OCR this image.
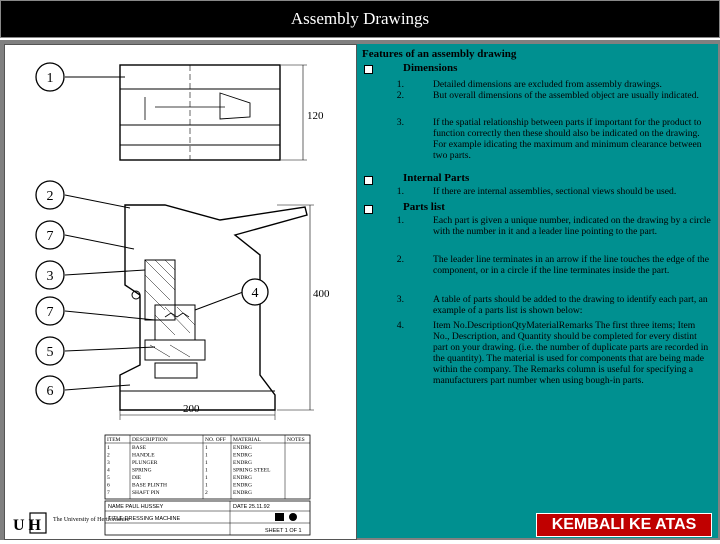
Assembly Drawings
120
400
200
1
2
7
3
7
5
6
4
ITEM DESCRIPTION	NO. OFF MATERIAL	NOTES
1	BASE	1	ENDRG
2	HANDLE	1	ENDRG
3	PLUNGER	1	ENDRG
4	SPRING	1	SPRING STEEL
5	DIE	1	ENDRG
6	BASE PLINTH	1	ENDRG
7	SHAFT PIN	2	ENDRG
NAME PAUL HUSSEY
TITLE DRESSING MACHINE
DATE 25.11.92
SHEET 1 OF 1
U H The University of Hertfordshire
Features of an assembly drawing
Dimensions
1.	Detailed dimensions are excluded from assembly drawings.
2.	But overall dimensions of the assembled object are usually indicated.
3.	If the spatial relationship between parts if important for the product to function correctly then these should also be indicated on the drawing. For example idicating the maximum and minimum clearance between two parts.
Internal Parts
1.	If there are internal assemblies, sectional views should be used.
Parts list
1.	Each part is given a unique number, indicated on the drawing by a circle with the number in it and a leader line pointing to the part.
2.	The leader line terminates in an arrow if the line touches the edge of the component, or in a circle if the line terminates inside the part.
3.	A table of parts should be added to the drawing to identify each part, an example of a parts list is shown below:
4.	Item No.DescriptionQtyMaterialRemarks The first three items; Item No., Description, and Quantity should be completed for every distint part on your drawing. (i.e. the number of duplicate parts are recorded in the quantity). The material is used for components that are being made within the company. The Remarks column is useful for specifying a manufacturers part number when using bough-in parts.
KEMBALI KE ATAS
